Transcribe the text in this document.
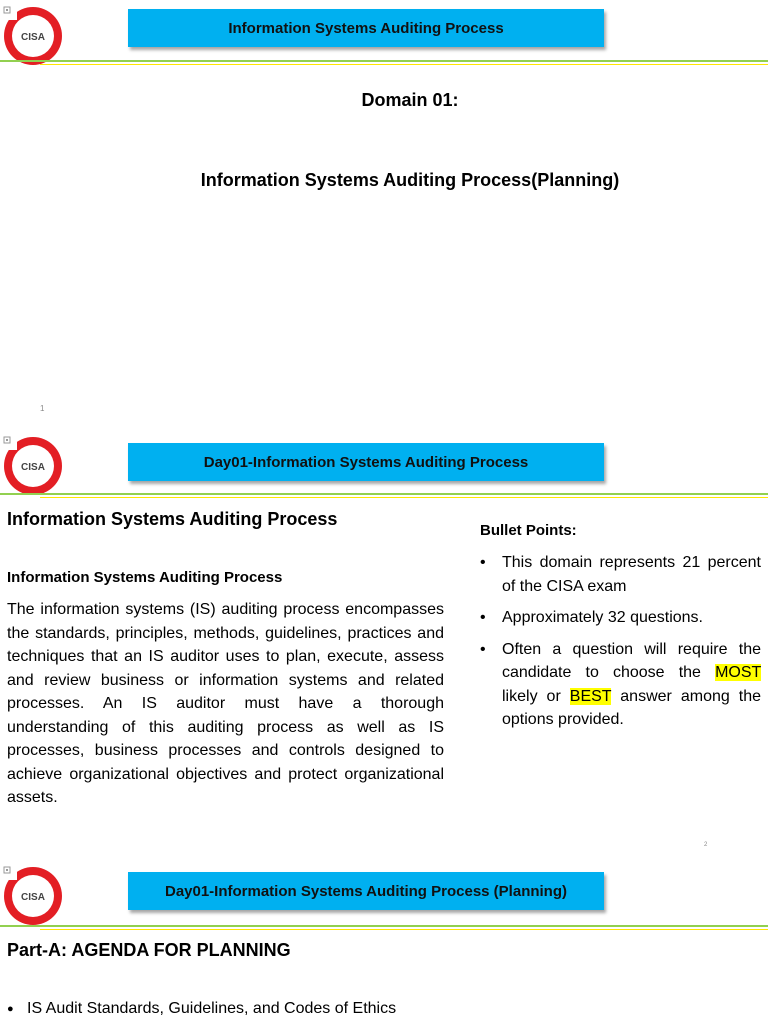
CISA
Information Systems Auditing Process
Domain 01:
Information Systems Auditing Process(Planning)
1
CISA	Day01-Information Systems Auditing Process
Information Systems Auditing Process
Information Systems Auditing Process
The information systems (IS) auditing process encompasses the standards, principles, methods, guidelines, practices and techniques that an IS auditor uses to plan, execute, assess and review business or information systems and related processes. An IS auditor must have a thorough understanding of this auditing process as well as IS processes, business processes and controls designed to achieve organizational objectives and protect organizational assets.
Bullet Points:
• This domain represents 21 percent of the CISA exam
• Approximately 32 questions.
• Often a question will require the candidate to choose the MOST likely or BEST answer among the options provided.
2
CISA	Day01-Information Systems Auditing Process (Planning)
Part-A: AGENDA FOR PLANNING
● IS Audit Standards, Guidelines, and Codes of Ethics
